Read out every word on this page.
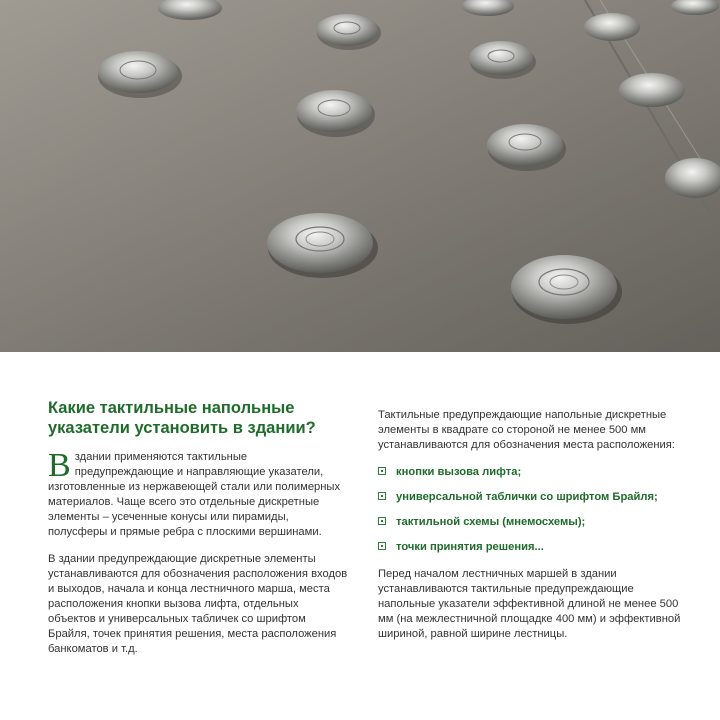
Какие тактильные напольные указатели установить в здании?

Вздании применяются тактильные предупреждающие и направляющие указатели, изготовленные из нержавеющей стали или полимерных материалов. Чаще всего это отдельные дискретные элементы – усеченные конусы или пирамиды, полусферы и прямые ребра с плоскими вершинами.

В здании предупреждающие дискретные элементы устанавливаются для обозначения расположения входов и выходов, начала и конца лестничного марша, места расположения кнопки вызова лифта, отдельных объектов и универсальных табличек со шрифтом Брайля, точек принятия решения, места расположения банкоматов и т.д.

Тактильные предупреждающие напольные дискретные элементы в квадрате со стороной не менее 500 мм устанавливаются для обозначения места расположения:

кнопки вызова лифта;
универсальной таблички со шрифтом Брайля;
тактильной схемы (мнемосхемы);
точки принятия решения...

Перед началом лестничных маршей в здании устанавливаются тактильные предупреждающие напольные указатели эффективной длиной не менее 500 мм (на межлестничной площадке 400 мм) и эффективной шириной, равной ширине лестницы.
